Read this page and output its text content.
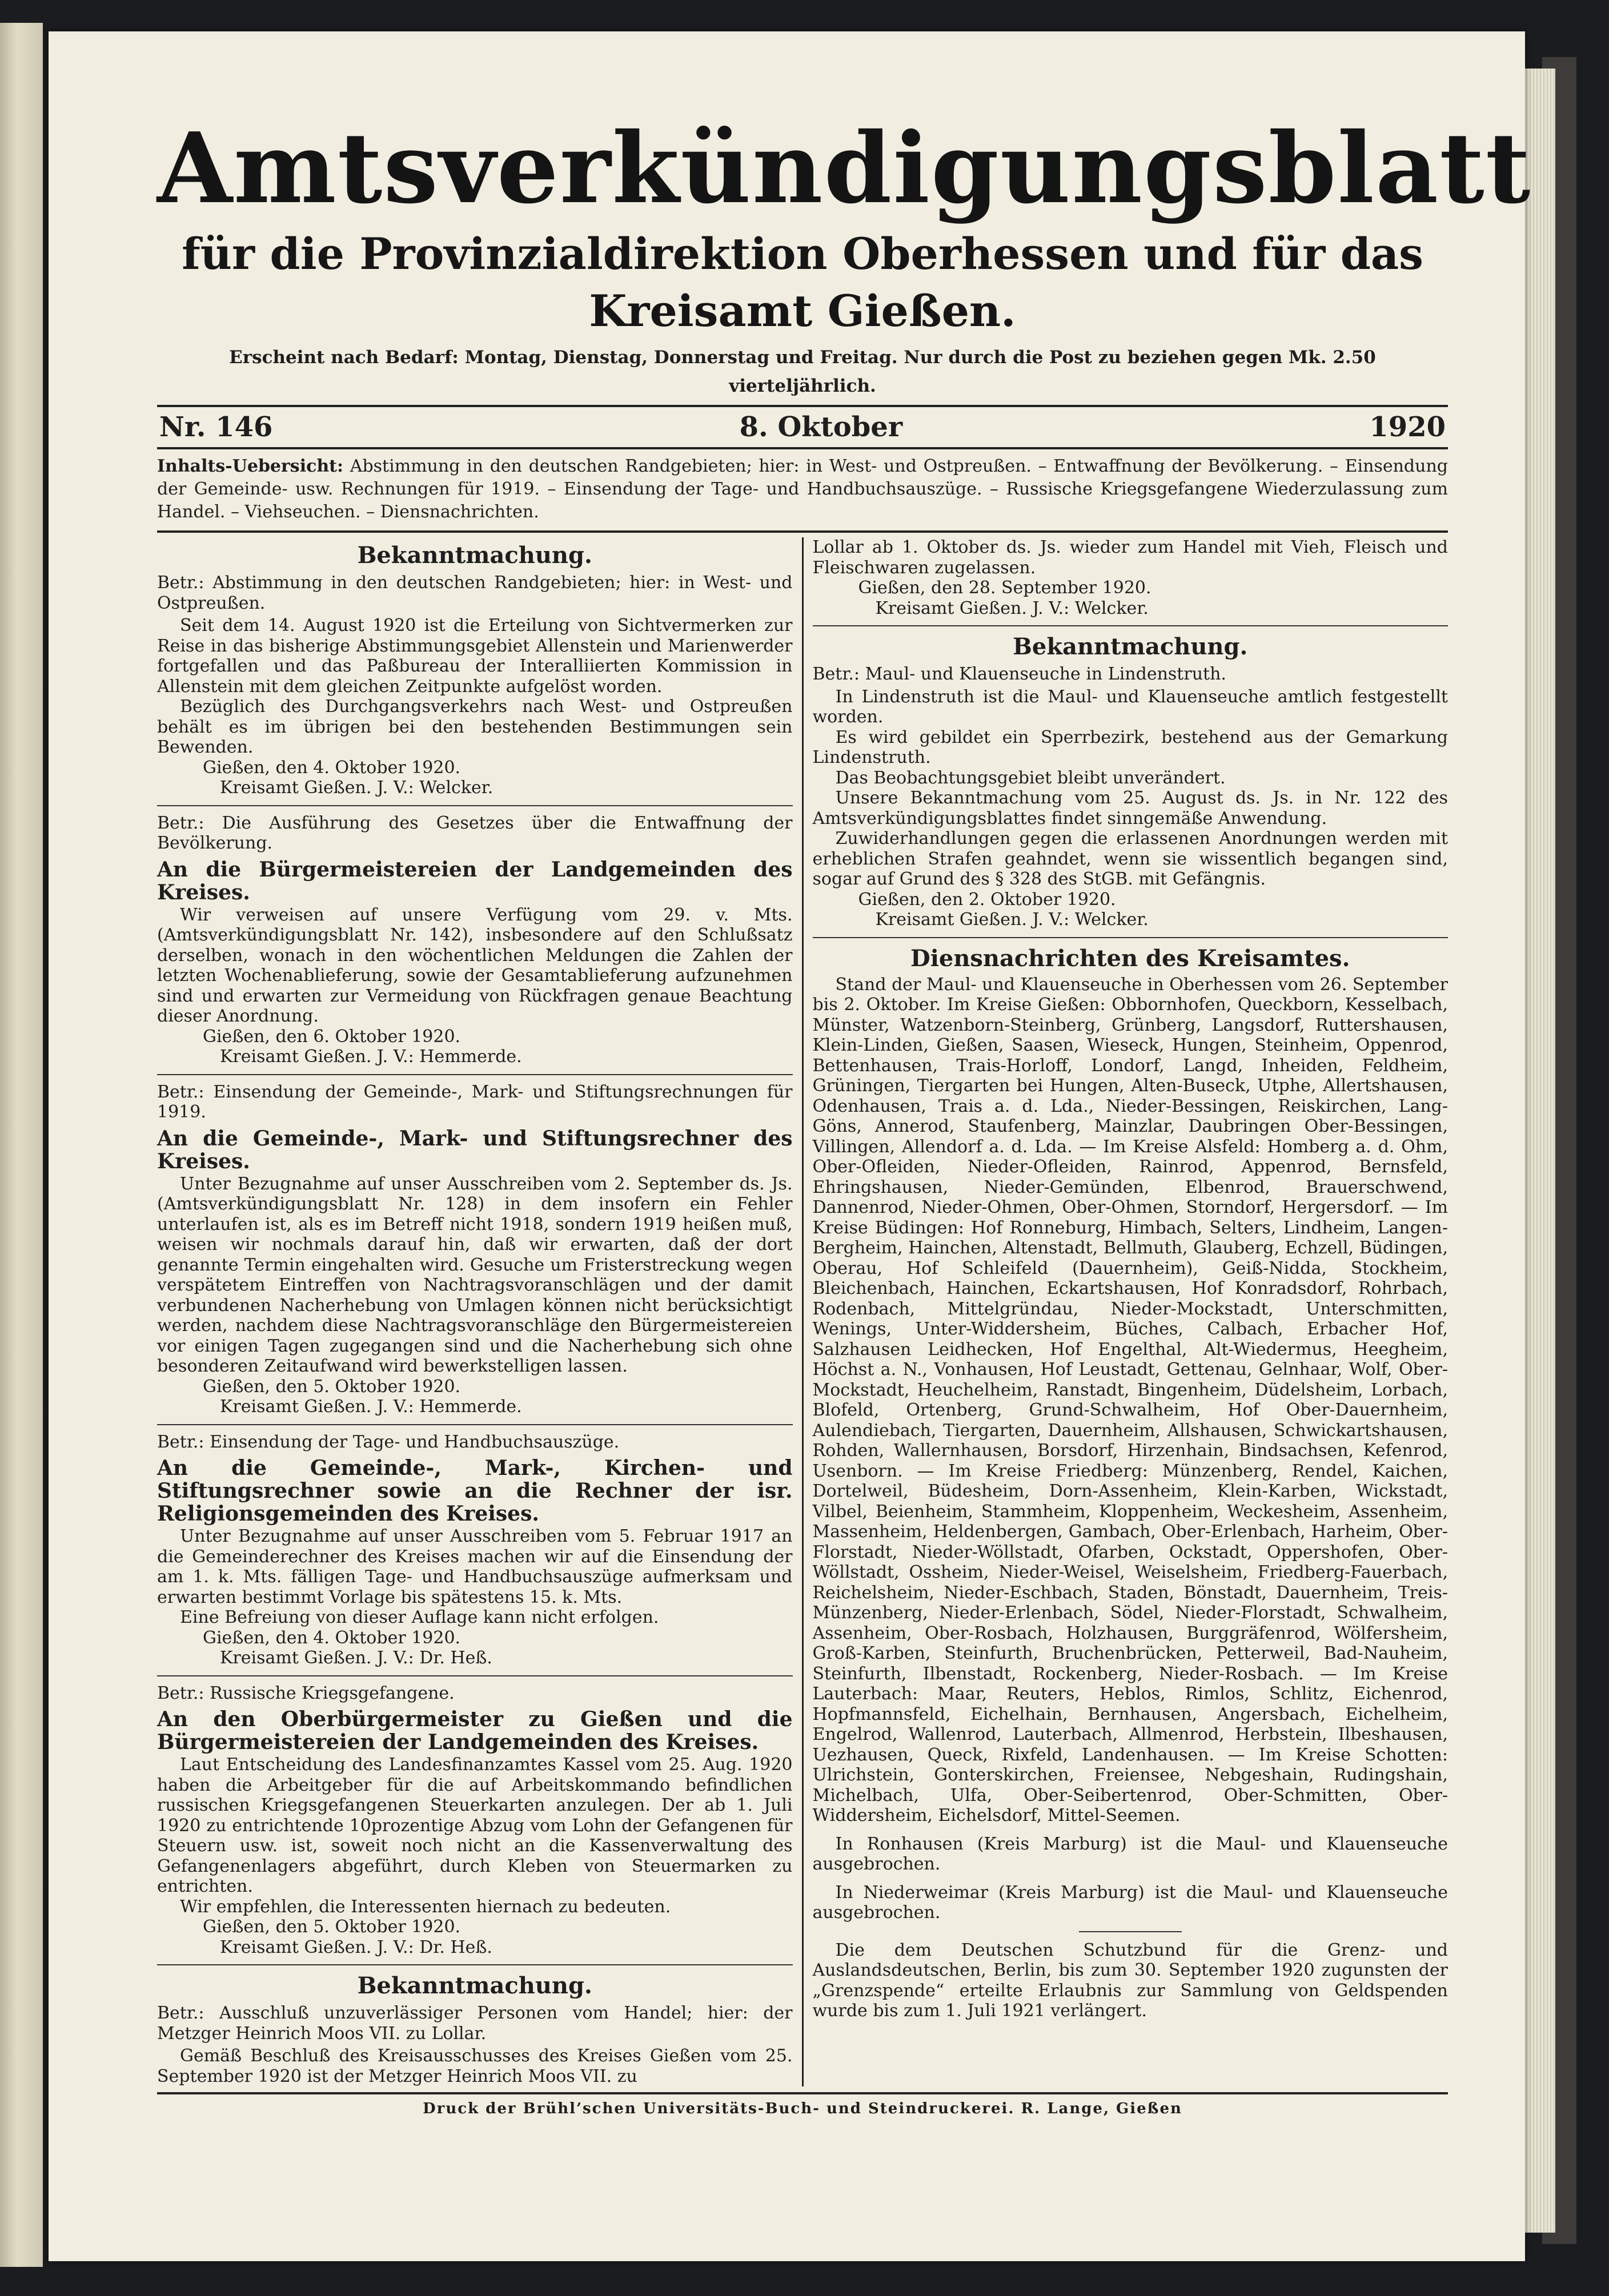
Amtsverkündigungsblatt
für die Provinzialdirektion Oberhessen und für das Kreisamt Gießen.
Erscheint nach Bedarf: Montag, Dienstag, Donnerstag und Freitag. Nur durch die Post zu beziehen gegen Mk. 2.50 vierteljährlich.
Nr. 146	8. Oktober	1920
Inhalts-Uebersicht: Abstimmung in den deutschen Randgebieten; hier: in West- und Ostpreußen. – Entwaffnung der Bevölkerung. – Einsendung der Gemeinde- usw. Rechnungen für 1919. – Einsendung der Tage- und Handbuchsauszüge. – Russische Kriegsgefangene Wiederzulassung zum Handel. – Viehseuchen. – Diensnachrichten.
Bekanntmachung.
Betr.: Abstimmung in den deutschen Randgebieten; hier: in West- und Ostpreußen.

Seit dem 14. August 1920 ist die Erteilung von Sichtvermerken zur Reise in das bisherige Abstimmungsgebiet Allenstein und Marienwerder fortgefallen und das Paßbureau der Interalliierten Kommission in Allenstein mit dem gleichen Zeitpunkte aufgelöst worden.

Bezüglich des Durchgangsverkehrs nach West- und Ostpreußen behält es im übrigen bei den bestehenden Bestimmungen sein Bewenden.

Gießen, den 4. Oktober 1920.

Kreisamt Gießen. J. V.: Welcker.

Betr.: Die Ausführung des Gesetzes über die Entwaffnung der Bevölkerung.
An die Bürgermeistereien der Landgemeinden des Kreises.

Wir verweisen auf unsere Verfügung vom 29. v. Mts. (Amtsverkündigungsblatt Nr. 142), insbesondere auf den Schlußsatz derselben, wonach in den wöchentlichen Meldungen die Zahlen der letzten Wochenablieferung, sowie der Gesamtablieferung aufzunehmen sind und erwarten zur Vermeidung von Rückfragen genaue Beachtung dieser Anordnung.

Gießen, den 6. Oktober 1920.

Kreisamt Gießen. J. V.: Hemmerde.

Betr.: Einsendung der Gemeinde-, Mark- und Stiftungsrechnungen für 1919.
An die Gemeinde-, Mark- und Stiftungsrechner des Kreises.

Unter Bezugnahme auf unser Ausschreiben vom 2. September ds. Js. (Amtsverkündigungsblatt Nr. 128) in dem insofern ein Fehler unterlaufen ist, als es im Betreff nicht 1918, sondern 1919 heißen muß, weisen wir nochmals darauf hin, daß wir erwarten, daß der dort genannte Termin eingehalten wird. Gesuche um Fristerstreckung wegen verspätetem Eintreffen von Nachtragsvoranschlägen und der damit verbundenen Nacherhebung von Umlagen können nicht berücksichtigt werden, nachdem diese Nachtragsvoranschläge den Bürgermeistereien vor einigen Tagen zugegangen sind und die Nacherhebung sich ohne besonderen Zeitaufwand wird bewerkstelligen lassen.

Gießen, den 5. Oktober 1920.

Kreisamt Gießen. J. V.: Hemmerde.

Betr.: Einsendung der Tage- und Handbuchsauszüge.
An die Gemeinde-, Mark-, Kirchen- und Stiftungsrechner sowie an die Rechner der isr. Religionsgemeinden des Kreises.

Unter Bezugnahme auf unser Ausschreiben vom 5. Februar 1917 an die Gemeinderechner des Kreises machen wir auf die Einsendung der am 1. k. Mts. fälligen Tage- und Handbuchsauszüge aufmerksam und erwarten bestimmt Vorlage bis spätestens 15. k. Mts.

Eine Befreiung von dieser Auflage kann nicht erfolgen.

Gießen, den 4. Oktober 1920.

Kreisamt Gießen. J. V.: Dr. Heß.

Betr.: Russische Kriegsgefangene.
An den Oberbürgermeister zu Gießen und die Bürgermeistereien der Landgemeinden des Kreises.

Laut Entscheidung des Landesfinanzamtes Kassel vom 25. Aug. 1920 haben die Arbeitgeber für die auf Arbeitskommando befindlichen russischen Kriegsgefangenen Steuerkarten anzulegen. Der ab 1. Juli 1920 zu entrichtende 10prozentige Abzug vom Lohn der Gefangenen für Steuern usw. ist, soweit noch nicht an die Kassenverwaltung des Gefangenenlagers abgeführt, durch Kleben von Steuermarken zu entrichten.

Wir empfehlen, die Interessenten hiernach zu bedeuten.

Gießen, den 5. Oktober 1920.

Kreisamt Gießen. J. V.: Dr. Heß.

Bekanntmachung.
Betr.: Ausschluß unzuverlässiger Personen vom Handel; hier: der Metzger Heinrich Moos VII. zu Lollar.

Gemäß Beschluß des Kreisausschusses des Kreises Gießen vom 25. September 1920 ist der Metzger Heinrich Moos VII. zu

Lollar ab 1. Oktober ds. Js. wieder zum Handel mit Vieh, Fleisch und Fleischwaren zugelassen.

Gießen, den 28. September 1920.

Kreisamt Gießen. J. V.: Welcker.

Bekanntmachung.
Betr.: Maul- und Klauenseuche in Lindenstruth.

In Lindenstruth ist die Maul- und Klauenseuche amtlich festgestellt worden.

Es wird gebildet ein Sperrbezirk, bestehend aus der Gemarkung Lindenstruth.

Das Beobachtungsgebiet bleibt unverändert.

Unsere Bekanntmachung vom 25. August ds. Js. in Nr. 122 des Amtsverkündigungsblattes findet sinngemäße Anwendung.

Zuwiderhandlungen gegen die erlassenen Anordnungen werden mit erheblichen Strafen geahndet, wenn sie wissentlich begangen sind, sogar auf Grund des § 328 des StGB. mit Gefängnis.

Gießen, den 2. Oktober 1920.

Kreisamt Gießen. J. V.: Welcker.

Diensnachrichten des Kreisamtes.

Stand der Maul- und Klauenseuche in Oberhessen vom 26. September bis 2. Oktober. Im Kreise Gießen: Obbornhofen, Queckborn, Kesselbach, Münster, Watzenborn-Steinberg, Grünberg, Langsdorf, Ruttershausen, Klein-Linden, Gießen, Saasen, Wieseck, Hungen, Steinheim, Oppenrod, Bettenhausen, Trais-Horloff, Londorf, Langd, Inheiden, Feldheim, Grüningen, Tiergarten bei Hungen, Alten-Buseck, Utphe, Allertshausen, Odenhausen, Trais a. d. Lda., Nieder-Bessingen, Reiskirchen, Lang-Göns, Annerod, Staufenberg, Mainzlar, Daubringen Ober-Bessingen, Villingen, Allendorf a. d. Lda. — Im Kreise Alsfeld: Homberg a. d. Ohm, Ober-Ofleiden, Nieder-Ofleiden, Rainrod, Appenrod, Bernsfeld, Ehringshausen, Nieder-Gemünden, Elbenrod, Brauerschwend, Dannenrod, Nieder-Ohmen, Ober-Ohmen, Storndorf, Hergersdorf. — Im Kreise Büdingen: Hof Ronneburg, Himbach, Selters, Lindheim, Langen-Bergheim, Hainchen, Altenstadt, Bellmuth, Glauberg, Echzell, Büdingen, Oberau, Hof Schleifeld (Dauernheim), Geiß-Nidda, Stockheim, Bleichenbach, Hainchen, Eckartshausen, Hof Konradsdorf, Rohrbach, Rodenbach, Mittelgründau, Nieder-Mockstadt, Unterschmitten, Wenings, Unter-Widdersheim, Büches, Calbach, Erbacher Hof, Salzhausen Leidhecken, Hof Engelthal, Alt-Wiedermus, Heegheim, Höchst a. N., Vonhausen, Hof Leustadt, Gettenau, Gelnhaar, Wolf, Ober-Mockstadt, Heuchelheim, Ranstadt, Bingenheim, Düdelsheim, Lorbach, Blofeld, Ortenberg, Grund-Schwalheim, Hof Ober-Dauernheim, Aulendiebach, Tiergarten, Dauernheim, Allshausen, Schwickartshausen, Rohden, Wallernhausen, Borsdorf, Hirzenhain, Bindsachsen, Kefenrod, Usenborn. — Im Kreise Friedberg: Münzenberg, Rendel, Kaichen, Dortelweil, Büdesheim, Dorn-Assenheim, Klein-Karben, Wickstadt, Vilbel, Beienheim, Stammheim, Kloppenheim, Weckesheim, Assenheim, Massenheim, Heldenbergen, Gambach, Ober-Erlenbach, Harheim, Ober-Florstadt, Nieder-Wöllstadt, Ofarben, Ockstadt, Oppershofen, Ober-Wöllstadt, Ossheim, Nieder-Weisel, Weiselsheim, Friedberg-Fauerbach, Reichelsheim, Nieder-Eschbach, Staden, Bönstadt, Dauernheim, Treis-Münzenberg, Nieder-Erlenbach, Södel, Nieder-Florstadt, Schwalheim, Assenheim, Ober-Rosbach, Holzhausen, Burggräfenrod, Wölfersheim, Groß-Karben, Steinfurth, Bruchenbrücken, Petterweil, Bad-Nauheim, Steinfurth, Ilbenstadt, Rockenberg, Nieder-Rosbach. — Im Kreise Lauterbach: Maar, Reuters, Heblos, Rimlos, Schlitz, Eichenrod, Hopfmannsfeld, Eichelhain, Bernhausen, Angersbach, Eichelheim, Engelrod, Wallenrod, Lauterbach, Allmenrod, Herbstein, Ilbeshausen, Uezhausen, Queck, Rixfeld, Landenhausen. — Im Kreise Schotten: Ulrichstein, Gonterskirchen, Freiensee, Nebgeshain, Rudingshain, Michelbach, Ulfa, Ober-Seibertenrod, Ober-Schmitten, Ober-Widdersheim, Eichelsdorf, Mittel-Seemen.

In Ronhausen (Kreis Marburg) ist die Maul- und Klauenseuche ausgebrochen.

In Niederweimar (Kreis Marburg) ist die Maul- und Klauenseuche ausgebrochen.

Die dem Deutschen Schutzbund für die Grenz- und Auslandsdeutschen, Berlin, bis zum 30. September 1920 zugunsten der „Grenzspende“ erteilte Erlaubnis zur Sammlung von Geldspenden wurde bis zum 1. Juli 1921 verlängert.

Druck der Brühl’schen Universitäts-Buch- und Steindruckerei. R. Lange, Gießen
